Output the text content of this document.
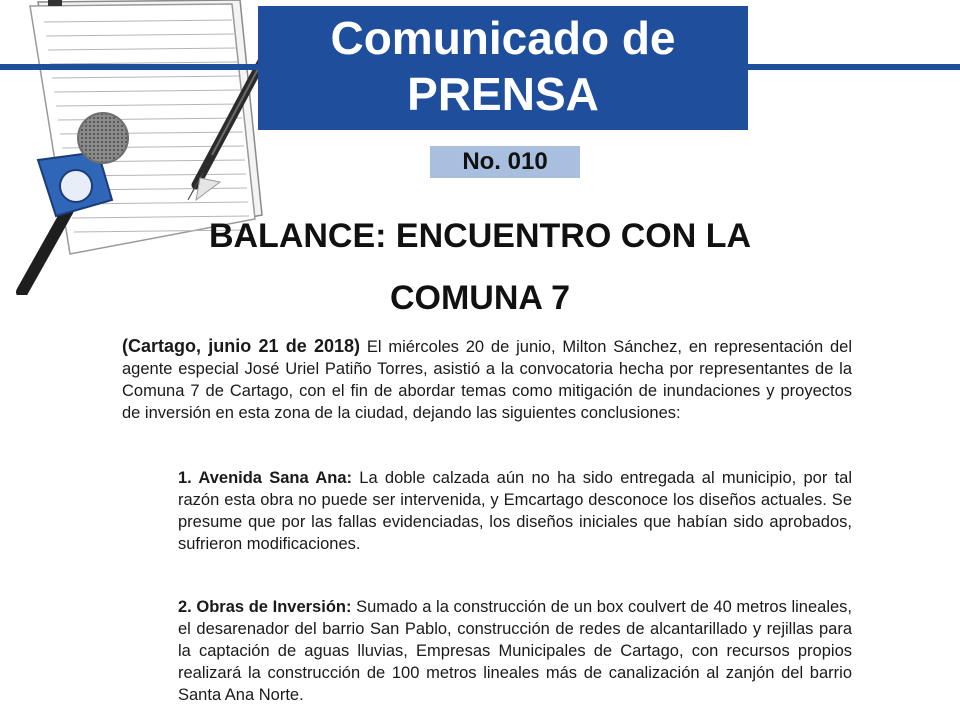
Comunicado de
PRENSA
No. 010
BALANCE: ENCUENTRO CON LA
COMUNA 7
(Cartago, junio 21 de 2018) El miércoles 20 de junio, Milton Sánchez, en representación del agente especial José Uriel Patiño Torres, asistió a la convocatoria hecha por representantes de la Comuna 7 de Cartago, con el fin de abordar temas como mitigación de inundaciones y proyectos de inversión en esta zona de la ciudad, dejando las siguientes conclusiones:
1. Avenida Sana Ana: La doble calzada aún no ha sido entregada al municipio, por tal razón esta obra no puede ser intervenida, y Emcartago desconoce los diseños actuales. Se presume que por las fallas evidenciadas, los diseños iniciales que habían sido aprobados, sufrieron modificaciones.
2. Obras de Inversión: Sumado a la construcción de un box coulvert de 40 metros lineales, el desarenador del barrio San Pablo, construcción de redes de alcantarillado y rejillas para la captación de aguas lluvias, Empresas Municipales de Cartago, con recursos propios realizará la construcción de 100 metros lineales más de canalización al zanjón del barrio Santa Ana Norte.
